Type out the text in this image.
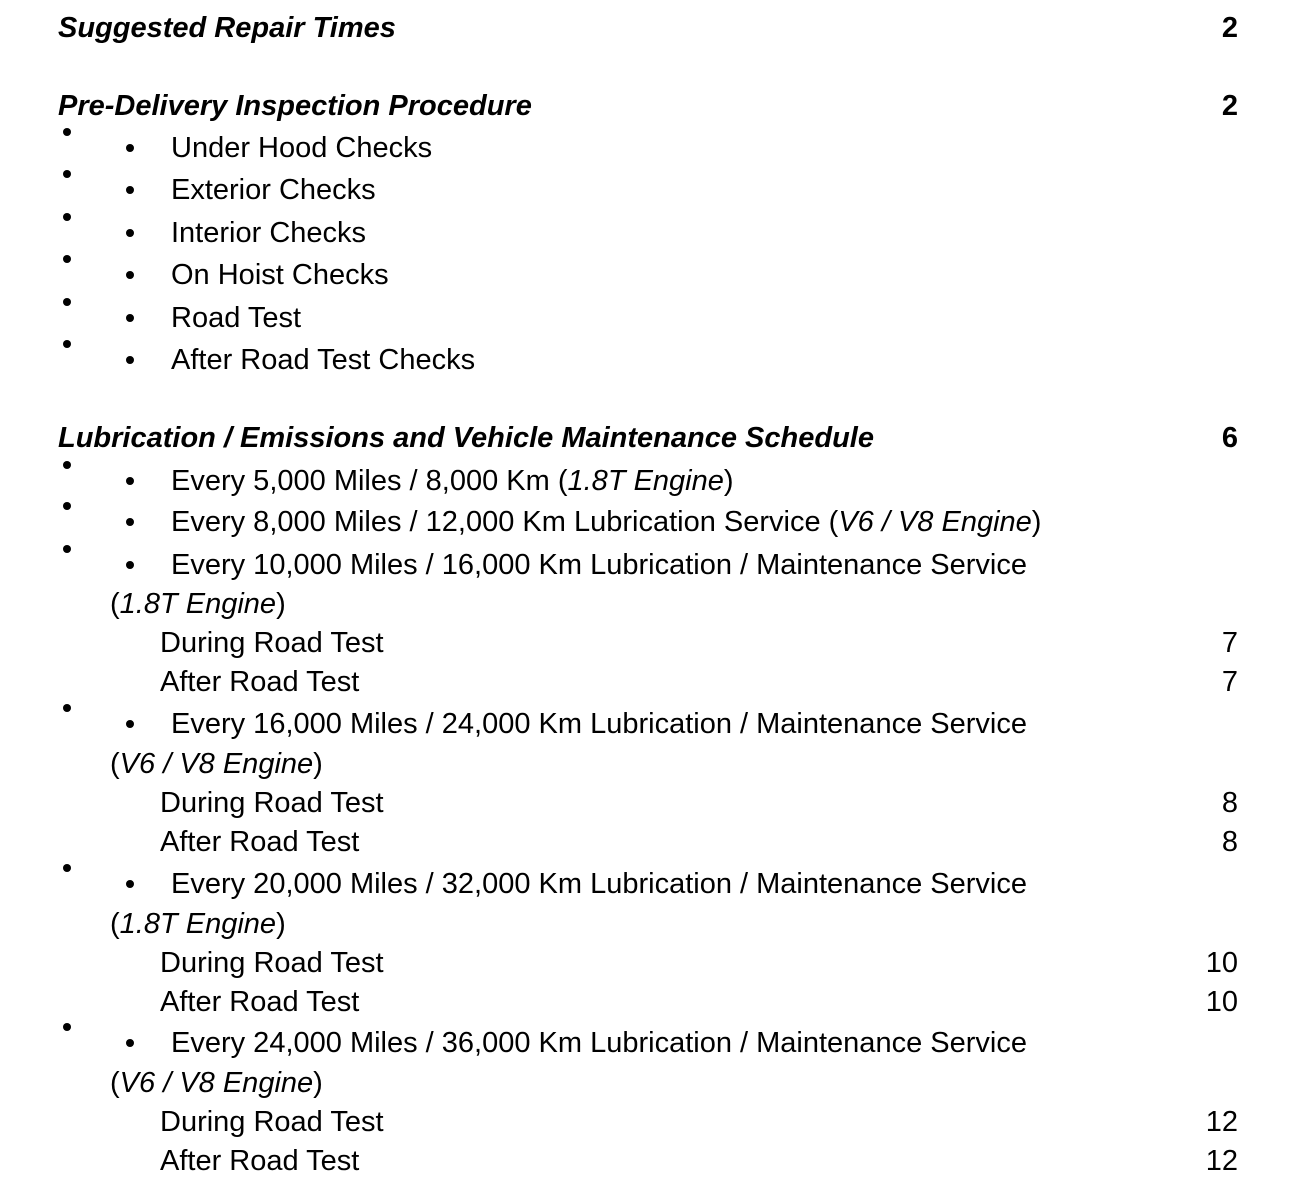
Suggested Repair Times	2
Pre-Delivery Inspection Procedure	2
Under Hood Checks
Exterior Checks
Interior Checks
On Hoist Checks
Road Test
After Road Test Checks
Lubrication / Emissions and Vehicle Maintenance Schedule	6
Every 5,000 Miles / 8,000 Km (1.8T Engine)
Every 8,000 Miles / 12,000 Km Lubrication Service (V6 / V8 Engine)
Every 10,000 Miles / 16,000 Km Lubrication / Maintenance Service
(1.8T Engine)
During Road Test	7
After Road Test	7
Every 16,000 Miles / 24,000 Km Lubrication / Maintenance Service
(V6 / V8 Engine)
During Road Test	8
After Road Test	8
Every 20,000 Miles / 32,000 Km Lubrication / Maintenance Service
(1.8T Engine)
During Road Test	10
After Road Test	10
Every 24,000 Miles / 36,000 Km Lubrication / Maintenance Service
(V6 / V8 Engine)
During Road Test	12
After Road Test	12
